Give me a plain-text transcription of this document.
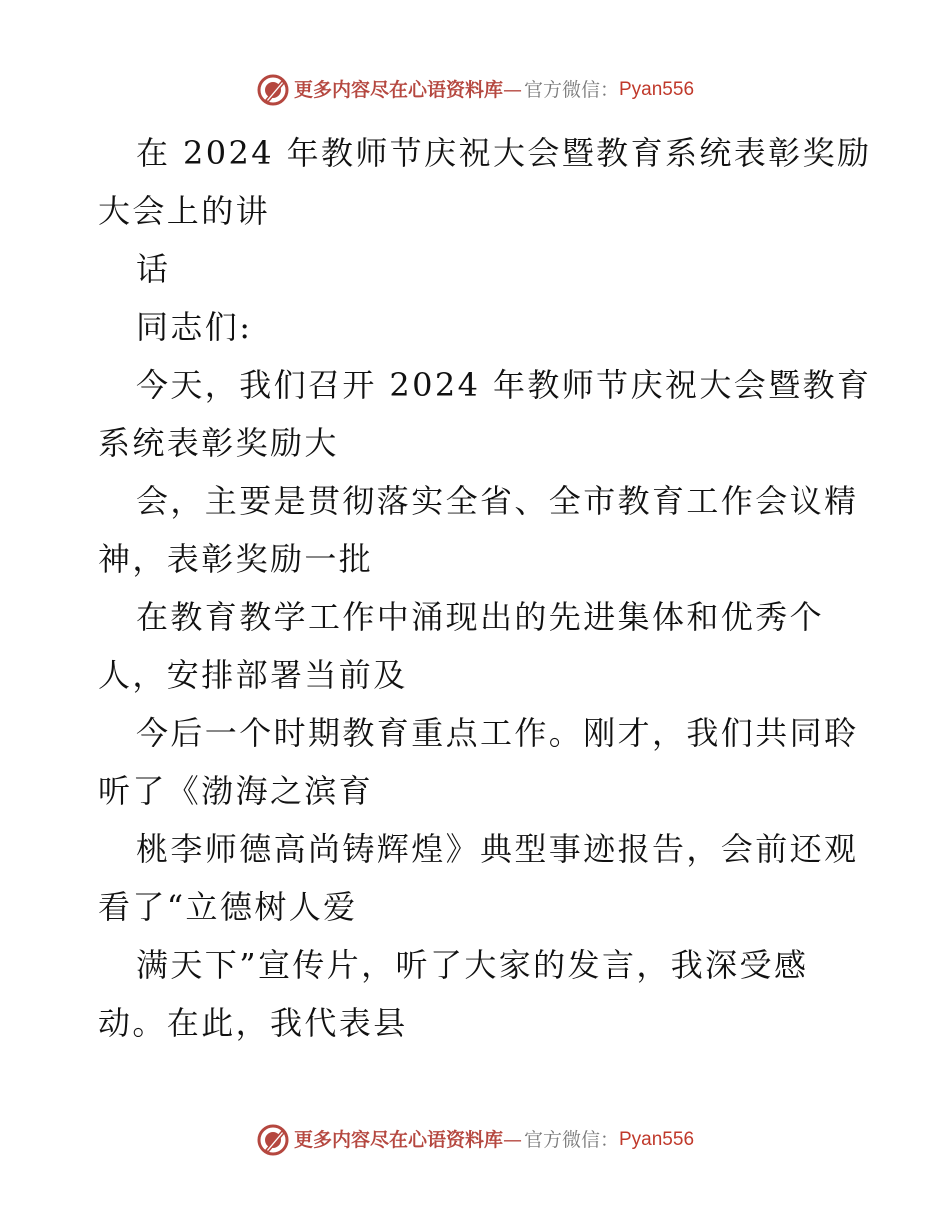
更多内容尽在心语资料库 — 官方微信： Pyan556
在 2024 年教师节庆祝大会暨教育系统表彰奖励
大会上的讲
话
同志们:
今天，我们召开 2024 年教师节庆祝大会暨教育
系统表彰奖励大
会，主要是贯彻落实全省、全市教育工作会议精
神，表彰奖励一批
在教育教学工作中涌现出的先进集体和优秀个
人，安排部署当前及
今后一个时期教育重点工作。刚才，我们共同聆
听了《渤海之滨育
桃李师德高尚铸辉煌》典型事迹报告，会前还观
看了“立德树人爱
满天下”宣传片，听了大家的发言，我深受感
动。在此，我代表县
更多内容尽在心语资料库 — 官方微信： Pyan556
